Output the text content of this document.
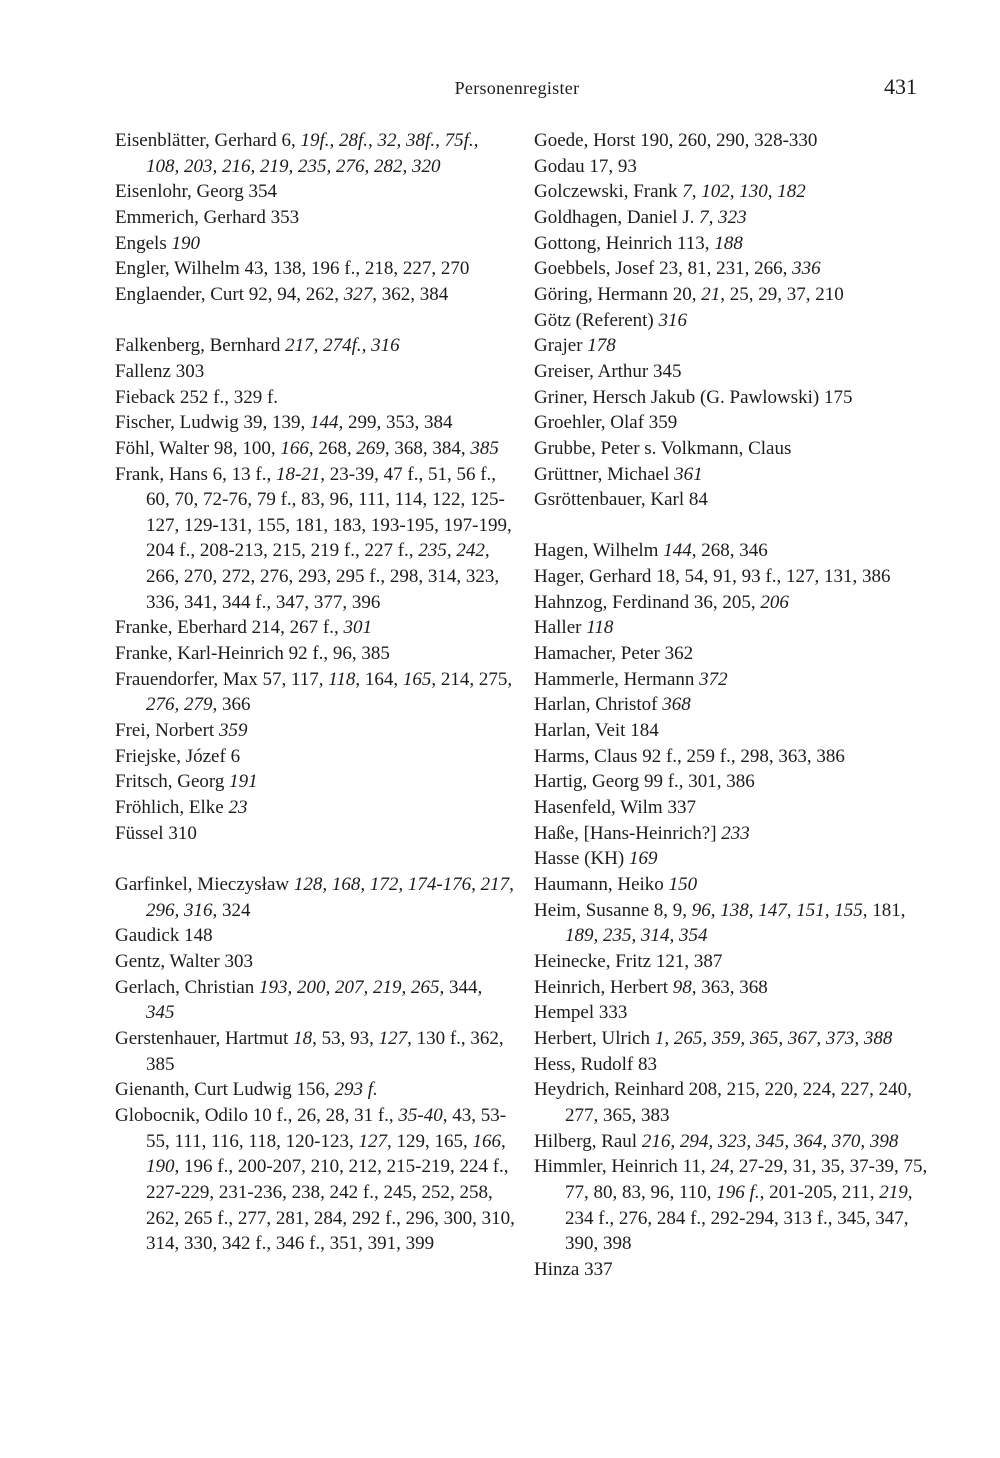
Personenregister	431
Eisenblätter, Gerhard 6, 19f., 28f., 32, 38f., 75f., 108, 203, 216, 219, 235, 276, 282, 320
Eisenlohr, Georg 354
Emmerich, Gerhard 353
Engels 190
Engler, Wilhelm 43, 138, 196 f., 218, 227, 270
Englaender, Curt 92, 94, 262, 327, 362, 384
Falkenberg, Bernhard 217, 274f., 316
Fallenz 303
Fieback 252 f., 329 f.
Fischer, Ludwig 39, 139, 144, 299, 353, 384
Föhl, Walter 98, 100, 166, 268, 269, 368, 384, 385
Frank, Hans 6, 13 f., 18-21, 23-39, 47 f., 51, 56 f., 60, 70, 72-76, 79 f., 83, 96, 111, 114, 122, 125-127, 129-131, 155, 181, 183, 193-195, 197-199, 204 f., 208-213, 215, 219 f., 227 f., 235, 242, 266, 270, 272, 276, 293, 295 f., 298, 314, 323, 336, 341, 344 f., 347, 377, 396
Franke, Eberhard 214, 267 f., 301
Franke, Karl-Heinrich 92 f., 96, 385
Frauendorfer, Max 57, 117, 118, 164, 165, 214, 275, 276, 279, 366
Frei, Norbert 359
Friejske, Józef 6
Fritsch, Georg 191
Fröhlich, Elke 23
Füssel 310
Garfinkel, Mieczysław 128, 168, 172, 174-176, 217, 296, 316, 324
Gaudick 148
Gentz, Walter 303
Gerlach, Christian 193, 200, 207, 219, 265, 344, 345
Gerstenhauer, Hartmut 18, 53, 93, 127, 130 f., 362, 385
Gienanth, Curt Ludwig 156, 293 f.
Globocnik, Odilo 10 f., 26, 28, 31 f., 35-40, 43, 53-55, 111, 116, 118, 120-123, 127, 129, 165, 166, 190, 196 f., 200-207, 210, 212, 215-219, 224 f., 227-229, 231-236, 238, 242 f., 245, 252, 258, 262, 265 f., 277, 281, 284, 292 f., 296, 300, 310, 314, 330, 342 f., 346 f., 351, 391, 399
Goede, Horst 190, 260, 290, 328-330
Godau 17, 93
Golczewski, Frank 7, 102, 130, 182
Goldhagen, Daniel J. 7, 323
Gottong, Heinrich 113, 188
Goebbels, Josef 23, 81, 231, 266, 336
Göring, Hermann 20, 21, 25, 29, 37, 210
Götz (Referent) 316
Grajer 178
Greiser, Arthur 345
Griner, Hersch Jakub (G. Pawlowski) 175
Groehler, Olaf 359
Grubbe, Peter s. Volkmann, Claus
Grüttner, Michael 361
Gsröttenbauer, Karl 84
Hagen, Wilhelm 144, 268, 346
Hager, Gerhard 18, 54, 91, 93 f., 127, 131, 386
Hahnzog, Ferdinand 36, 205, 206
Haller 118
Hamacher, Peter 362
Hammerle, Hermann 372
Harlan, Christof 368
Harlan, Veit 184
Harms, Claus 92 f., 259 f., 298, 363, 386
Hartig, Georg 99 f., 301, 386
Hasenfeld, Wilm 337
Haße, [Hans-Heinrich?] 233
Hasse (KH) 169
Haumann, Heiko 150
Heim, Susanne 8, 9, 96, 138, 147, 151, 155, 181, 189, 235, 314, 354
Heinecke, Fritz 121, 387
Heinrich, Herbert 98, 363, 368
Hempel 333
Herbert, Ulrich 1, 265, 359, 365, 367, 373, 388
Hess, Rudolf 83
Heydrich, Reinhard 208, 215, 220, 224, 227, 240, 277, 365, 383
Hilberg, Raul 216, 294, 323, 345, 364, 370, 398
Himmler, Heinrich 11, 24, 27-29, 31, 35, 37-39, 75, 77, 80, 83, 96, 110, 196 f., 201-205, 211, 219, 234 f., 276, 284 f., 292-294, 313 f., 345, 347, 390, 398
Hinza 337
